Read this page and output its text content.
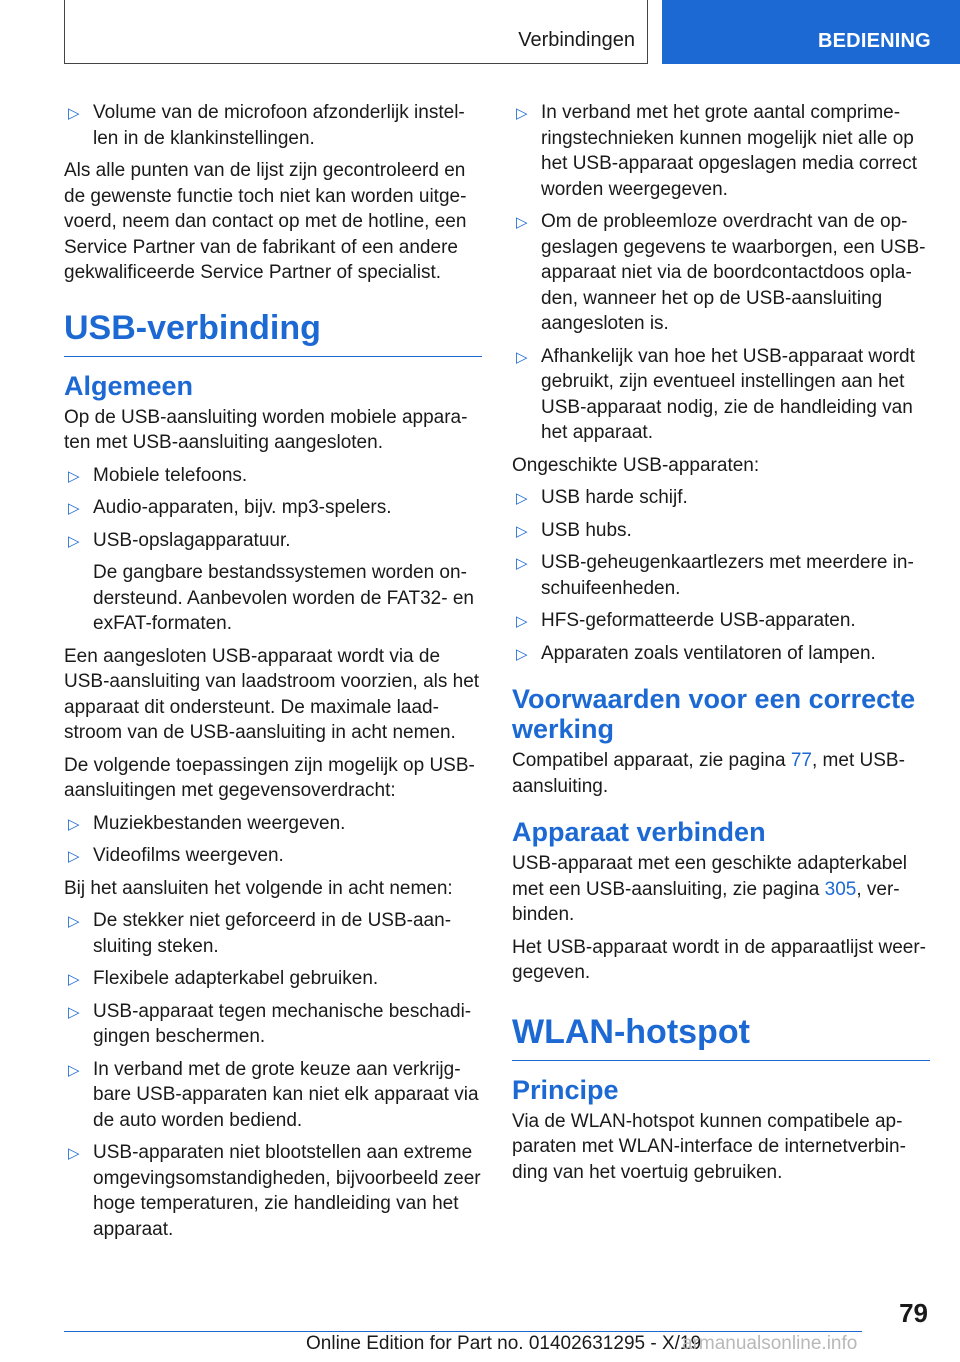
Verbindingen	BEDIENING
▷ Volume van de microfoon afzonderlijk instellen in de klankinstellingen.

Als alle punten van de lijst zijn gecontroleerd en de gewenste functie toch niet kan worden uitgevoerd, neem dan contact op met de hotline, een Service Partner van de fabrikant of een andere gekwalificeerde Service Partner of specialist.

USB-verbinding
Algemeen

Op de USB-aansluiting worden mobiele apparaten met USB-aansluiting aangesloten.

▷ Mobiele telefoons.
▷ Audio-apparaten, bijv. mp3-spelers.
▷ USB-opslagapparatuur.

De gangbare bestandssystemen worden ondersteund. Aanbevolen worden de FAT32- en exFAT-formaten.

Een aangesloten USB-apparaat wordt via de USB-aansluiting van laadstroom voorzien, als het apparaat dit ondersteunt. De maximale laadstroom van de USB-aansluiting in acht nemen.

De volgende toepassingen zijn mogelijk op USB-aansluitingen met gegevensoverdracht:

▷ Muziekbestanden weergeven.
▷ Videofilms weergeven.

Bij het aansluiten het volgende in acht nemen:

▷ De stekker niet geforceerd in de USB-aansluiting steken.
▷ Flexibele adapterkabel gebruiken.
▷ USB-apparaat tegen mechanische beschadigingen beschermen.
▷ In verband met de grote keuze aan verkrijgbare USB-apparaten kan niet elk apparaat via de auto worden bediend.
▷ USB-apparaten niet blootstellen aan extreme omgevingsomstandigheden, bijvoorbeeld zeer hoge temperaturen, zie handleiding van het apparaat.
▷ In verband met het grote aantal comprimeringstechnieken kunnen mogelijk niet alle op het USB-apparaat opgeslagen media correct worden weergegeven.
▷ Om de probleemloze overdracht van de opgeslagen gegevens te waarborgen, een USB-apparaat niet via de boordcontactdoos opladen, wanneer het op de USB-aansluiting aangesloten is.
▷ Afhankelijk van hoe het USB-apparaat wordt gebruikt, zijn eventueel instellingen aan het USB-apparaat nodig, zie de handleiding van het apparaat.

Ongeschikte USB-apparaten:

▷ USB harde schijf.
▷ USB hubs.
▷ USB-geheugenkaartlezers met meerdere inschuifeenheden.
▷ HFS-geformatteerde USB-apparaten.
▷ Apparaten zoals ventilatoren of lampen.
Voorwaarden voor een correcte werking

Compatibel apparaat, zie pagina 77, met USB-aansluiting.

Apparaat verbinden

USB-apparaat met een geschikte adapterkabel met een USB-aansluiting, zie pagina 305, verbinden.

Het USB-apparaat wordt in de apparaatlijst weergegeven.

WLAN-hotspot
Principe

Via de WLAN-hotspot kunnen compatibele apparaten met WLAN-interface de internetverbinding van het voertuig gebruiken.

79
Online Edition for Part no. 01402631295 - X/19
armanualsonline.info
